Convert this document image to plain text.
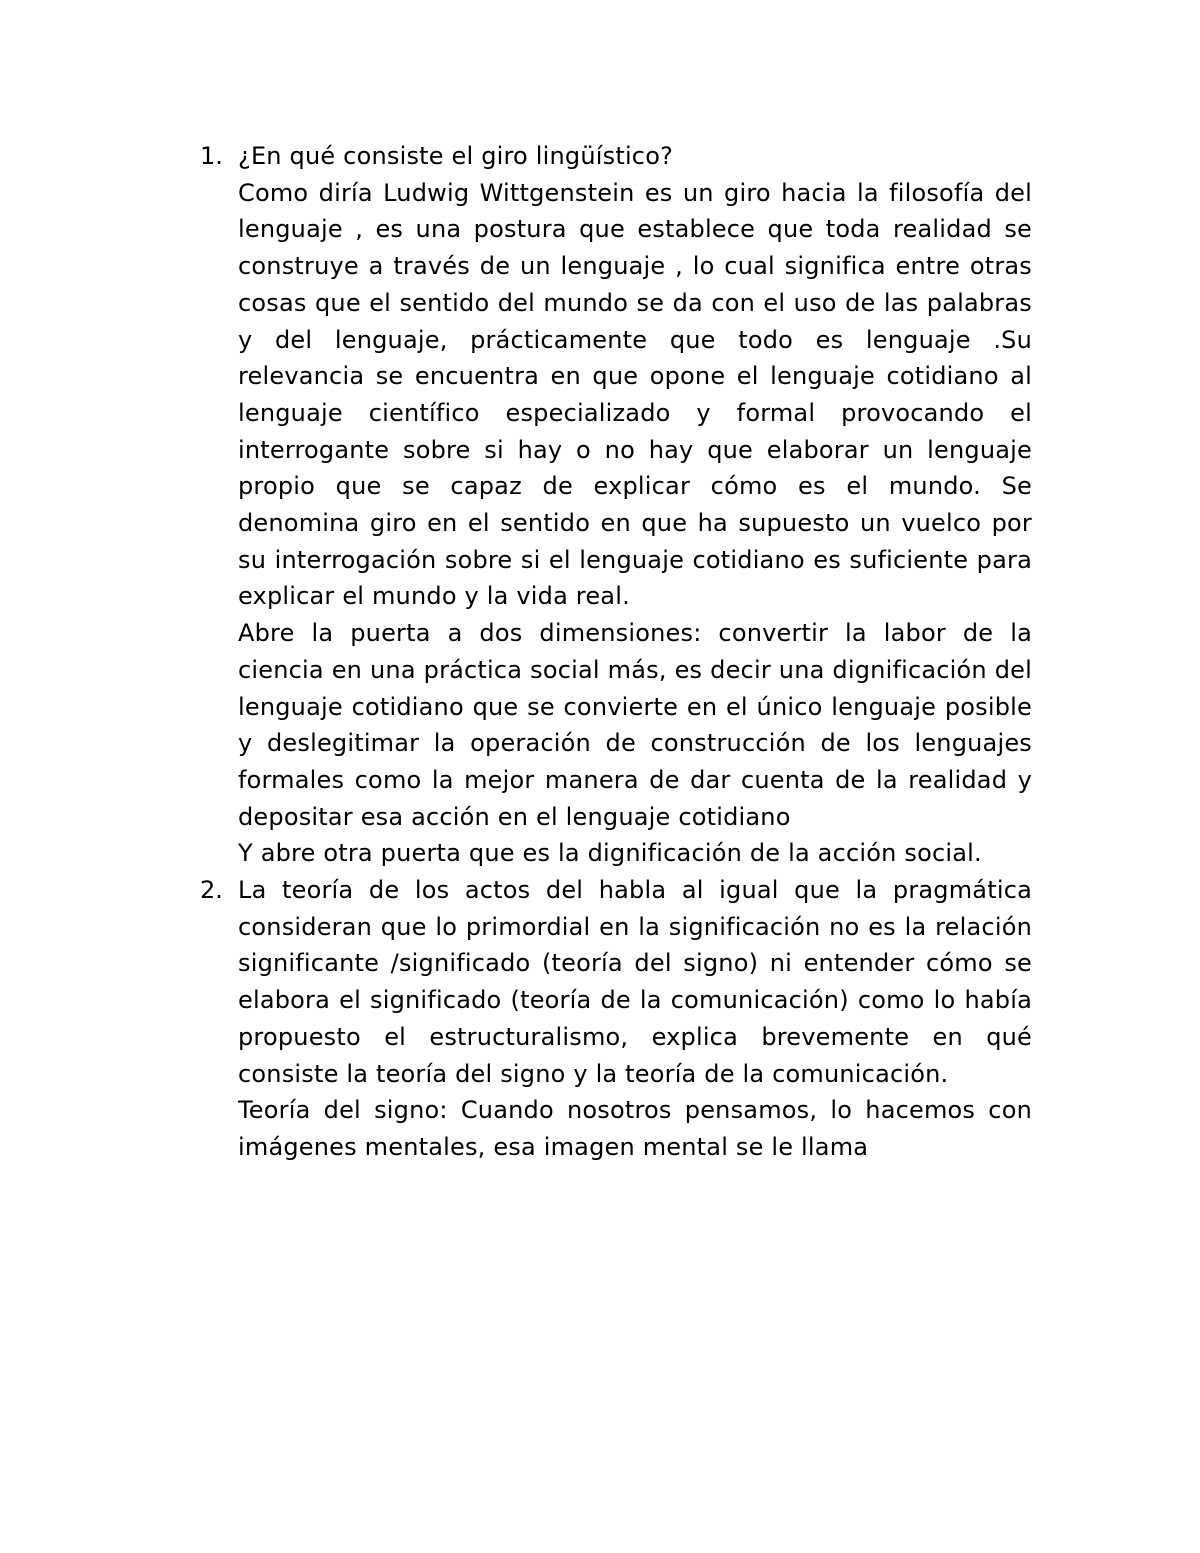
1. ¿En qué consiste el giro lingüístico?

Como diría Ludwig Wittgenstein es un giro hacia la filosofía del lenguaje , es una postura que establece que toda realidad se construye a través de un lenguaje , lo cual significa entre otras cosas que el sentido del mundo se da con el uso de las palabras y del lenguaje, prácticamente que todo es lenguaje .Su relevancia se encuentra en que opone el lenguaje cotidiano al lenguaje científico especializado y formal provocando el interrogante sobre si hay o no hay que elaborar un lenguaje propio que se capaz de explicar cómo es el mundo. Se denomina giro en el sentido en que ha supuesto un vuelco por su interrogación sobre si el lenguaje cotidiano es suficiente para explicar el mundo y la vida real.

Abre la puerta a dos dimensiones: convertir la labor de la ciencia en una práctica social más, es decir una dignificación del lenguaje cotidiano que se convierte en el único lenguaje posible y deslegitimar la operación de construcción de los lenguajes formales como la mejor manera de dar cuenta de la realidad y depositar esa acción en el lenguaje cotidiano

Y abre otra puerta que es la dignificación de la acción social.

2. La teoría de los actos del habla al igual que la pragmática consideran que lo primordial en la significación no es la relación significante /significado (teoría del signo) ni entender cómo se elabora el significado (teoría de la comunicación) como lo había propuesto el estructuralismo, explica brevemente en qué consiste la teoría del signo y la teoría de la comunicación.

Teoría del signo: Cuando nosotros pensamos, lo hacemos con imágenes mentales, esa imagen mental se le llama
